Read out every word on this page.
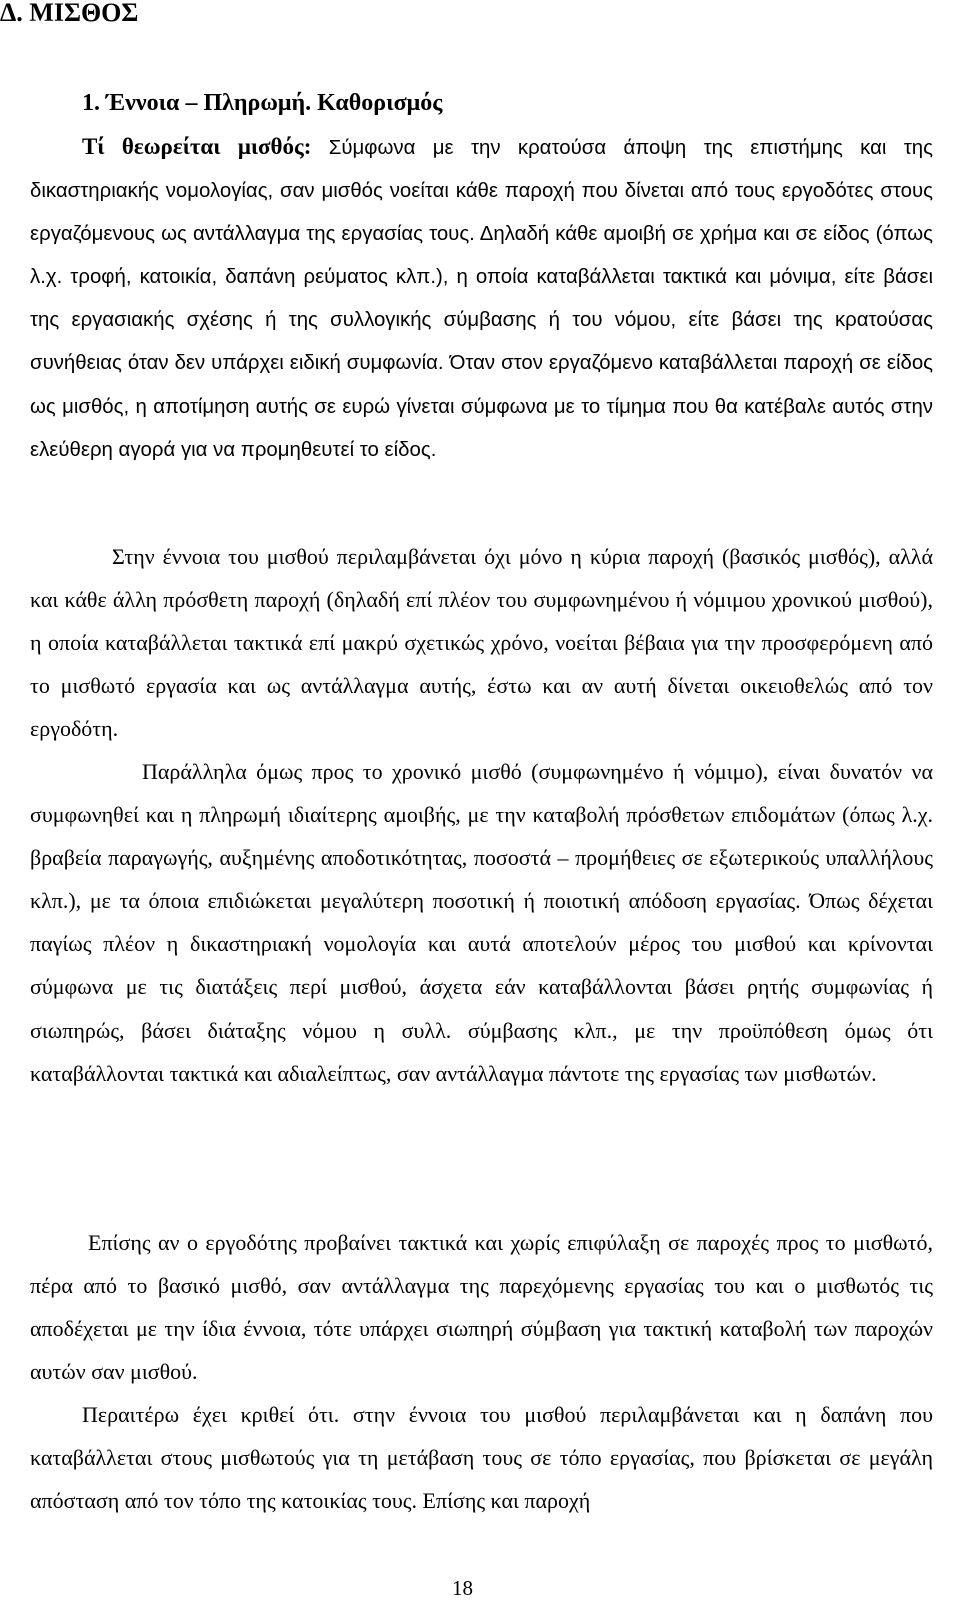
Δ. ΜΙΣΘΟΣ
1. Έννοια – Πληρωμή. Καθορισμός

Τί θεωρείται μισθός: Σύμφωνα με την κρατούσα άποψη της επιστήμης και της δικαστηριακής νομολογίας, σαν μισθός νοείται κάθε παροχή που δίνεται από τους εργοδότες στους εργαζόμενους ως αντάλλαγμα της εργασίας τους. Δηλαδή κάθε αμοιβή σε χρήμα και σε είδος (όπως λ.χ. τροφή, κατοικία, δαπάνη ρεύματος κλπ.), η οποία καταβάλλεται τακτικά και μόνιμα, είτε βάσει της εργασιακής σχέσης ή της συλλογικής σύμβασης ή του νόμου, είτε βάσει της κρατούσας συνήθειας όταν δεν υπάρχει ειδική συμφωνία. Όταν στον εργαζόμενο καταβάλλεται παροχή σε είδος ως μισθός, η αποτίμηση αυτής σε ευρώ γίνεται σύμφωνα με το τίμημα που θα κατέβαλε αυτός στην ελεύθερη αγορά για να προμηθευτεί το είδος.

Στην έννοια του μισθού περιλαμβάνεται όχι μόνο η κύρια παροχή (βασικός μισθός), αλλά και κάθε άλλη πρόσθετη παροχή (δηλαδή επί πλέον του συμφωνημένου ή νόμιμου χρονικού μισθού), η οποία καταβάλλεται τακτικά επί μακρύ σχετικώς χρόνο, νοείται βέβαια για την προσφερόμενη από το μισθωτό εργασία και ως αντάλλαγμα αυτής, έστω και αν αυτή δίνεται οικειοθελώς από τον εργοδότη.

Παράλληλα όμως προς το χρονικό μισθό (συμφωνημένο ή νόμιμο), είναι δυνατόν να συμφωνηθεί και η πληρωμή ιδιαίτερης αμοιβής, με την καταβολή πρόσθετων επιδομάτων (όπως λ.χ. βραβεία παραγωγής, αυξημένης αποδοτικότητας, ποσοστά – προμήθειες σε εξωτερικούς υπαλλήλους κλπ.), με τα όποια επιδιώκεται μεγαλύτερη ποσοτική ή ποιοτική απόδοση εργασίας. Όπως δέχεται παγίως πλέον η δικαστηριακή νομολογία και αυτά αποτελούν μέρος του μισθού και κρίνονται σύμφωνα με τις διατάξεις περί μισθού, άσχετα εάν καταβάλλονται βάσει ρητής συμφωνίας ή σιωπηρώς, βάσει διάταξης νόμου η συλλ. σύμβασης κλπ., με την προϋπόθεση όμως ότι καταβάλλονται τακτικά και αδιαλείπτως, σαν αντάλλαγμα πάντοτε της εργασίας των μισθωτών.

Επίσης αν ο εργοδότης προβαίνει τακτικά και χωρίς επιφύλαξη σε παροχές προς το μισθωτό, πέρα από το βασικό μισθό, σαν αντάλλαγμα της παρεχόμενης εργασίας του και ο μισθωτός τις αποδέχεται με την ίδια έννοια, τότε υπάρχει σιωπηρή σύμβαση για τακτική καταβολή των παροχών αυτών σαν μισθού.

Περαιτέρω έχει κριθεί ότι. στην έννοια του μισθού περιλαμβάνεται και η δαπάνη που καταβάλλεται στους μισθωτούς για τη μετάβαση τους σε τόπο εργασίας, που βρίσκεται σε μεγάλη απόσταση από τον τόπο της κατοικίας τους. Επίσης και παροχή

18
